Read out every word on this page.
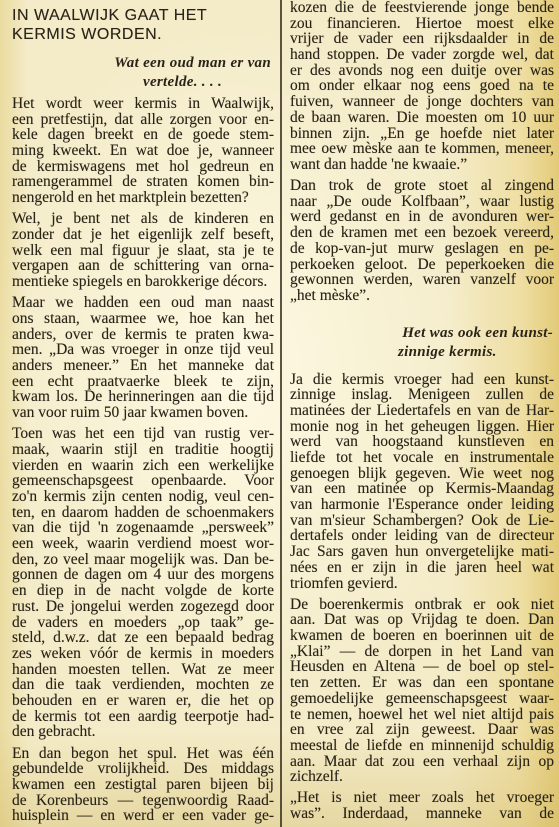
IN WAALWIJK GAAT HET
KERMIS WORDEN.
Wat een oud man er van
vertelde. . . .
Het wordt weer kermis in Waalwijk,
een pretfestijn, dat alle zorgen voor en-
kele dagen breekt en de goede stem-
ming kweekt. En wat doe je, wanneer
de kermiswagens met hol gedreun en
ramengerammel de straten komen bin-
nengerold en het marktplein bezetten?
Wel, je bent net als de kinderen en
zonder dat je het eigenlijk zelf beseft,
welk een mal figuur je slaat, sta je te
vergapen aan de schittering van orna-
mentieke spiegels en barokkerige décors.
Maar we hadden een oud man naast
ons staan, waarmee we, hoe kan het
anders, over de kermis te praten kwa-
men. „Da was vroeger in onze tijd veul
anders meneer.” En het manneke dat
een echt praatvaerke bleek te zijn,
kwam los. De herinneringen aan die tijd
van voor ruim 50 jaar kwamen boven.
Toen was het een tijd van rustig ver-
maak, waarin stijl en traditie hoogtij
vierden en waarin zich een werkelijke
gemeenschapsgeest openbaarde. Voor
zo'n kermis zijn centen nodig, veul cen-
ten, en daarom hadden de schoenmakers
van die tijd 'n zogenaamde „persweek”
een week, waarin verdiend moest wor-
den, zo veel maar mogelijk was. Dan be-
gonnen de dagen om 4 uur des morgens
en diep in de nacht volgde de korte
rust. De jongelui werden zogezegd door
de vaders en moeders „op taak” ge-
steld, d.w.z. dat ze een bepaald bedrag
zes weken vóór de kermis in moeders
handen moesten tellen. Wat ze meer
dan die taak verdienden, mochten ze
behouden en er waren er, die het op
de kermis tot een aardig teerpotje had-
den gebracht.
En dan begon het spul. Het was één
gebundelde vrolijkheid. Des middags
kwamen een zestigtal paren bijeen bij
de Korenbeurs — tegenwoordig Raad-
huisplein — en werd er een vader ge-
kozen die de feestvierende jonge bende
zou financieren. Hiertoe moest elke
vrijer de vader een rijksdaalder in de
hand stoppen. De vader zorgde wel, dat
er des avonds nog een duitje over was
om onder elkaar nog eens goed na te
fuiven, wanneer de jonge dochters van
de baan waren. Die moesten om 10 uur
binnen zijn. „En ge hoefde niet later
mee oew mèske aan te kommen, meneer,
want dan hadde 'ne kwaaie.”
Dan trok de grote stoet al zingend
naar „De oude Kolfbaan”, waar lustig
werd gedanst en in de avonduren wer-
den de kramen met een bezoek vereerd,
de kop-van-jut murw geslagen en pe-
perkoeken geloot. De peperkoeken die
gewonnen werden, waren vanzelf voor
„het mèske”.
Het was ook een kunst-
zinnige kermis.
Ja die kermis vroeger had een kunst-
zinnige inslag. Menigeen zullen de
matinées der Liedertafels en van de Har-
monie nog in het geheugen liggen. Hier
werd van hoogstaand kunstleven en
liefde tot het vocale en instrumentale
genoegen blijk gegeven. Wie weet nog
van een matinée op Kermis-Maandag
van harmonie l'Esperance onder leiding
van m'sieur Schambergen? Ook de Lie-
dertafels onder leiding van de directeur
Jac Sars gaven hun onvergetelijke mati-
nées en er zijn in die jaren heel wat
triomfen gevierd.
De boerenkermis ontbrak er ook niet
aan. Dat was op Vrijdag te doen. Dan
kwamen de boeren en boerinnen uit de
„Klai” — de dorpen in het Land van
Heusden en Altena — de boel op stel-
ten zetten. Er was dan een spontane
gemoedelijke gemeenschapsgeest waar-
te nemen, hoewel het wel niet altijd pais
en vree zal zijn geweest. Daar was
meestal de liefde en minnenijd schuldig
aan. Maar dat zou een verhaal zijn op
zichzelf.
„Het is niet meer zoals het vroeger
was”. Inderdaad, manneke van de
